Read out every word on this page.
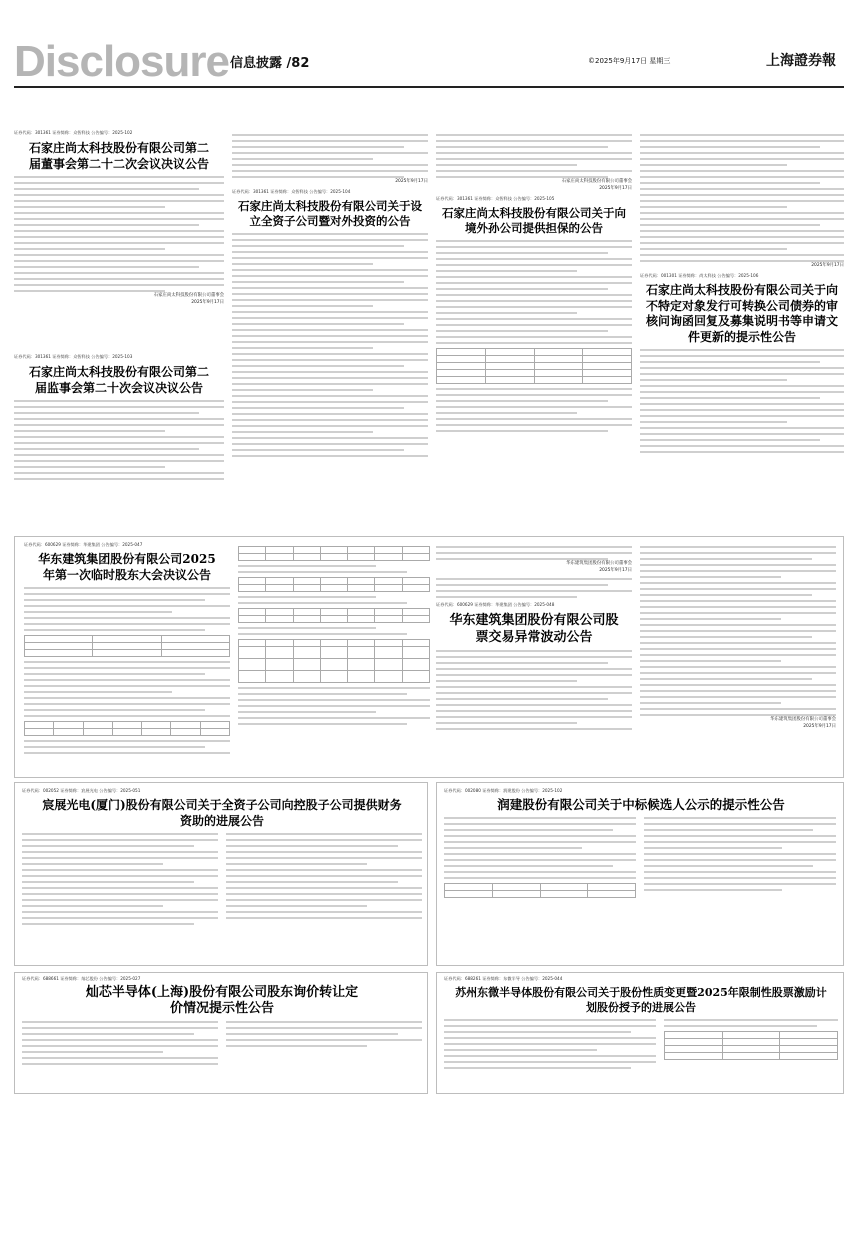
Disclosure 信息披露 /82	©2025年9月17日 星期三	上海證券報
证券代码：301361 证券简称：众智科技 公告编号：2025-102
石家庄尚太科技股份有限公司第二届董事会第二十二次会议决议公告
石家庄尚太科技股份有限公司董事会
2025年9月17日
证券代码：301361 证券简称：众智科技 公告编号：2025-103
石家庄尚太科技股份有限公司第二届监事会第二十次会议决议公告
2025年9月17日
证券代码：301361 证券简称：众智科技 公告编号：2025-104
石家庄尚太科技股份有限公司关于设立全资子公司暨对外投资的公告
石家庄尚太科技股份有限公司董事会
2025年9月17日
证券代码：301361 证券简称：众智科技 公告编号：2025-105
石家庄尚太科技股份有限公司关于向境外孙公司提供担保的公告

2025年9月17日
证券代码：001301 证券简称：尚太科技 公告编号：2025-106
石家庄尚太科技股份有限公司关于向不特定对象发行可转换公司债券的审核问询函回复及募集说明书等申请文件更新的提示性公告
证券代码：600629 证券简称：华建集团 公告编号：2025-047
华东建筑集团股份有限公司2025年第一次临时股东大会决议公告

华东建筑集团股份有限公司董事会
2025年9月17日
证券代码：600629 证券简称：华建集团 公告编号：2025-048
华东建筑集团股份有限公司股票交易异常波动公告
华东建筑集团股份有限公司董事会
2025年9月17日
证券代码：002052 证券简称：宸展光电 公告编号：2025-051
宸展光电(厦门)股份有限公司关于全资子公司向控股子公司提供财务资助的进展公告
证券代码：002080 证券简称：润建股份 公告编号：2025-102
润建股份有限公司关于中标候选人公示的提示性公告

证券代码：688661 证券简称：灿芯股份 公告编号：2025-027
灿芯半导体(上海)股份有限公司股东询价转让定价情况提示性公告
证券代码：688261 证券简称：东微半导 公告编号：2025-044
苏州东微半导体股份有限公司关于股份性质变更暨2025年限制性股票激励计划股份授予的进展公告
